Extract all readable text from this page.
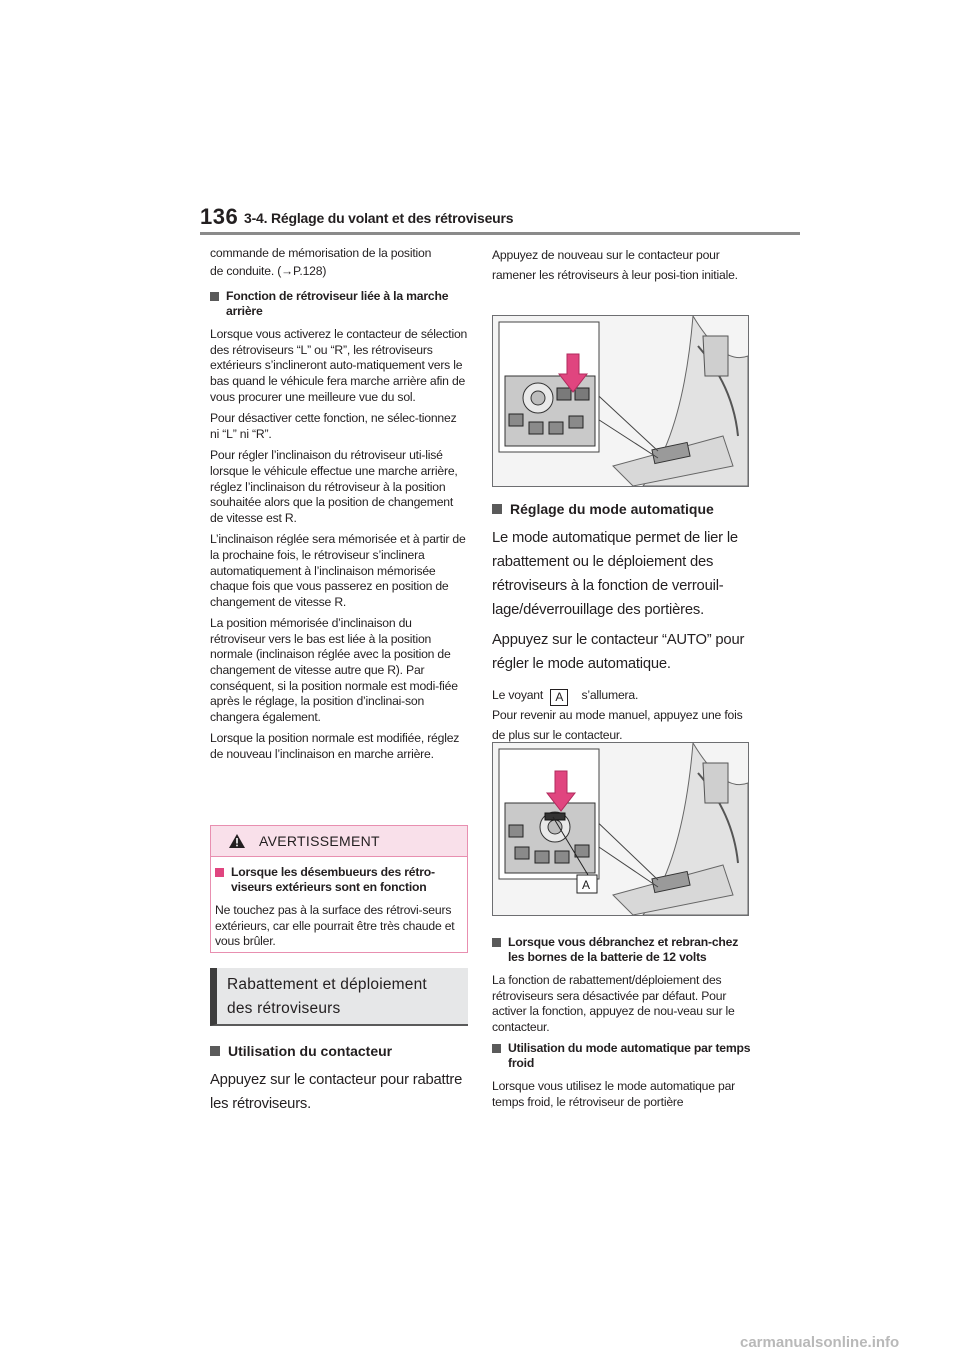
136 3-4. Réglage du volant et des rétroviseurs

commande de mémorisation de la position

de conduite. (→P.128)

Fonction de rétroviseur liée à la marche arrière

Lorsque vous activerez le contacteur de sélection des rétroviseurs “L” ou “R”, les rétroviseurs extérieurs s’inclineront auto-matiquement vers le bas quand le véhicule fera marche arrière afin de vous procurer une meilleure vue du sol.

Pour désactiver cette fonction, ne sélec-tionnez ni “L” ni “R”.

Pour régler l’inclinaison du rétroviseur uti-lisé lorsque le véhicule effectue une marche arrière, réglez l’inclinaison du rétroviseur à la position souhaitée alors que la position de changement de vitesse est R.

L’inclinaison réglée sera mémorisée et à partir de la prochaine fois, le rétroviseur s’inclinera automatiquement à l’inclinaison mémorisée chaque fois que vous passerez en position de changement de vitesse R.

La position mémorisée d’inclinaison du rétroviseur vers le bas est liée à la position normale (inclinaison réglée avec la position de changement de vitesse autre que R). Par conséquent, si la position normale est modi-fiée après le réglage, la position d’inclinai-son changera également.

Lorsque la position normale est modifiée, réglez de nouveau l’inclinaison en marche arrière.

AVERTISSEMENT
Lorsque les désembueurs des rétro-viseurs extérieurs sont en fonction

Ne touchez pas à la surface des rétrovi-seurs extérieurs, car elle pourrait être très chaude et vous brûler.

Rabattement et déploiement
des rétroviseurs
Utilisation du contacteur

Appuyez sur le contacteur pour rabattre les rétroviseurs.

Appuyez de nouveau sur le contacteur pour ramener les rétroviseurs à leur posi-tion initiale.

Réglage du mode automatique

Le mode automatique permet de lier le rabattement ou le déploiement des rétroviseurs à la fonction de verrouil-lage/déverrouillage des portières.

Appuyez sur le contacteur “AUTO” pour régler le mode automatique.

Le voyant A s’allumera.

Pour revenir au mode manuel, appuyez une fois de plus sur le contacteur.

A
Lorsque vous débranchez et rebran-chez les bornes de la batterie de 12 volts

La fonction de rabattement/déploiement des rétroviseurs sera désactivée par défaut. Pour activer la fonction, appuyez de nou-veau sur le contacteur.

Utilisation du mode automatique par temps froid

Lorsque vous utilisez le mode automatique par temps froid, le rétroviseur de portière

carmanualsonline.info
